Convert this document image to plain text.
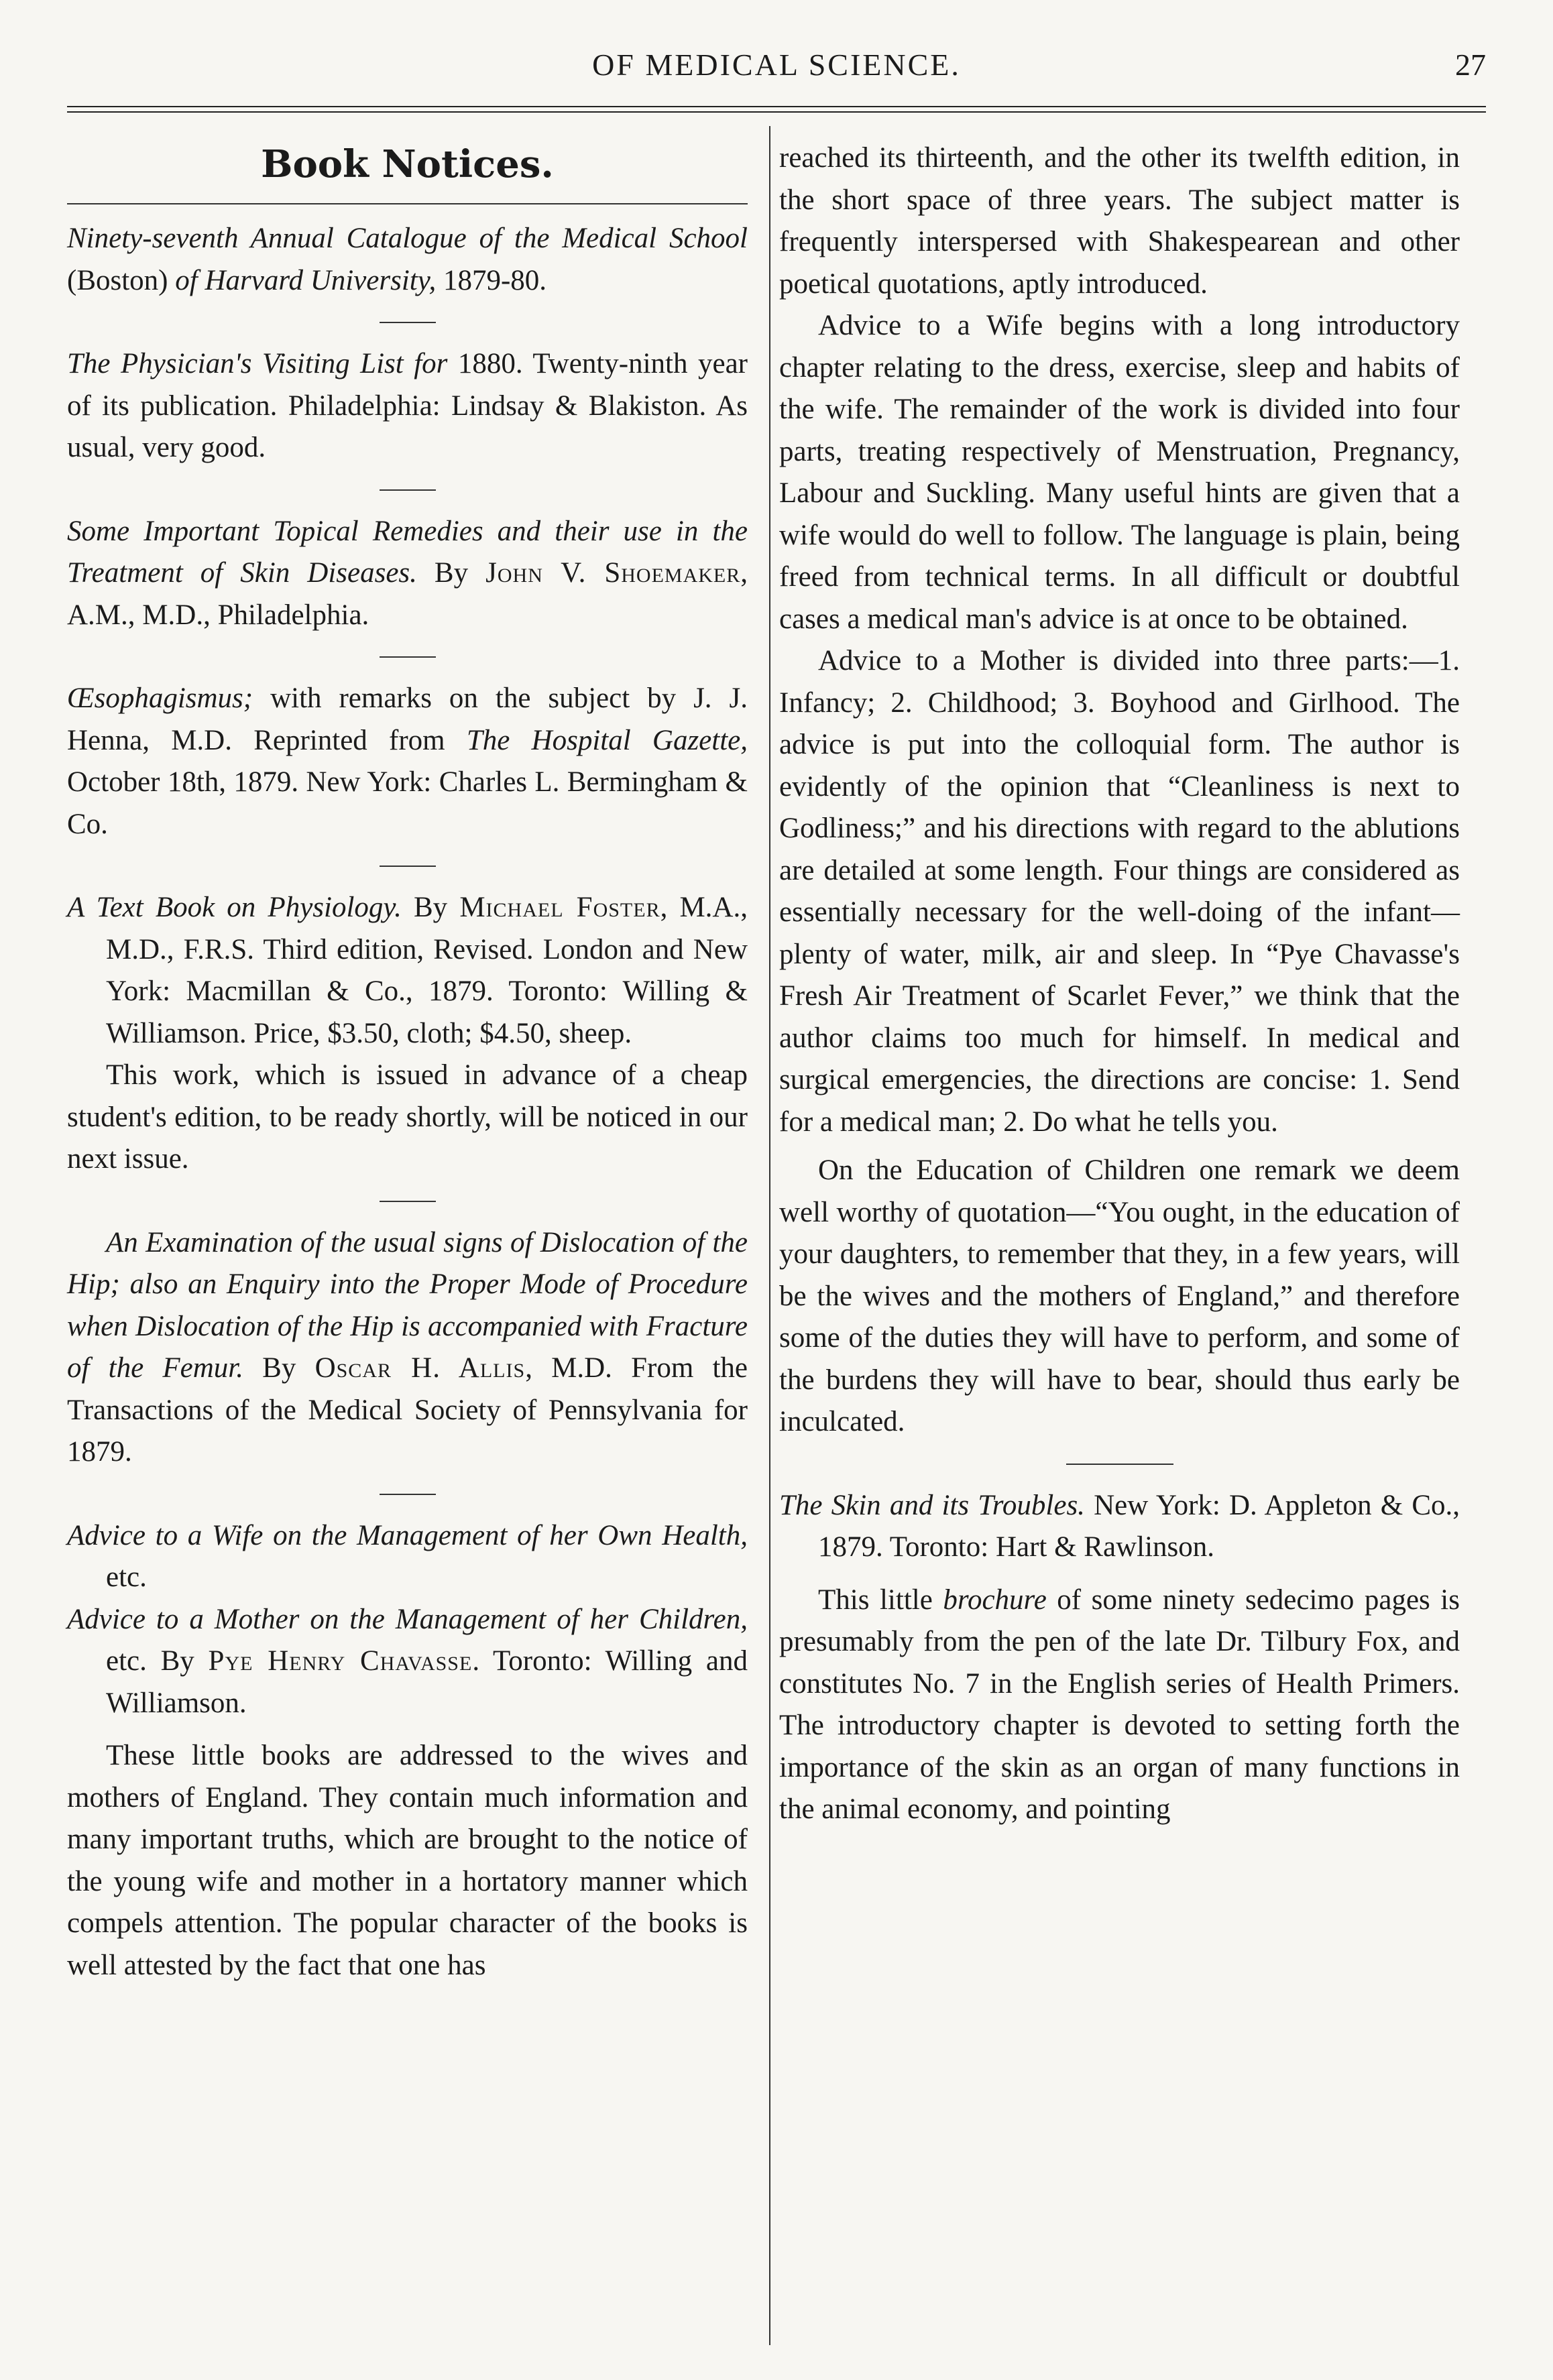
OF MEDICAL SCIENCE.	27
Book Notices.

Ninety-seventh Annual Catalogue of the Medical School (Boston) of Harvard University, 1879-80.

The Physician's Visiting List for 1880. Twenty-ninth year of its publication. Philadelphia: Lindsay & Blakiston. As usual, very good.

Some Important Topical Remedies and their use in the Treatment of Skin Diseases. By John V. Shoemaker, A.M., M.D., Philadelphia.

Œsophagismus; with remarks on the subject by J. J. Henna, M.D. Reprinted from The Hospital Gazette, October 18th, 1879. New York: Charles L. Bermingham & Co.

A Text Book on Physiology. By Michael Foster, M.A., M.D., F.R.S. Third edition, Revised. London and New York: Macmillan & Co., 1879. Toronto: Willing & Williamson. Price, $3.50, cloth; $4.50, sheep.

This work, which is issued in advance of a cheap student's edition, to be ready shortly, will be noticed in our next issue.

An Examination of the usual signs of Dislocation of the Hip; also an Enquiry into the Proper Mode of Procedure when Dislocation of the Hip is accompanied with Fracture of the Femur. By Oscar H. Allis, M.D. From the Transactions of the Medical Society of Pennsylvania for 1879.

Advice to a Wife on the Management of her Own Health, etc.

Advice to a Mother on the Management of her Children, etc. By Pye Henry Chavasse. Toronto: Willing and Williamson.

These little books are addressed to the wives and mothers of England. They contain much information and many important truths, which are brought to the notice of the young wife and mother in a hortatory manner which compels attention. The popular character of the books is well attested by the fact that one has

reached its thirteenth, and the other its twelfth edition, in the short space of three years. The subject matter is frequently interspersed with Shakespearean and other poetical quotations, aptly introduced.

Advice to a Wife begins with a long introductory chapter relating to the dress, exercise, sleep and habits of the wife. The remainder of the work is divided into four parts, treating respectively of Menstruation, Pregnancy, Labour and Suckling. Many useful hints are given that a wife would do well to follow. The language is plain, being freed from technical terms. In all difficult or doubtful cases a medical man's advice is at once to be obtained.

Advice to a Mother is divided into three parts:—1. Infancy; 2. Childhood; 3. Boyhood and Girlhood. The advice is put into the colloquial form. The author is evidently of the opinion that “Cleanliness is next to Godliness;” and his directions with regard to the ablutions are detailed at some length. Four things are considered as essentially necessary for the well-doing of the infant—plenty of water, milk, air and sleep. In “Pye Chavasse's Fresh Air Treatment of Scarlet Fever,” we think that the author claims too much for himself. In medical and surgical emergencies, the directions are concise: 1. Send for a medical man; 2. Do what he tells you.

On the Education of Children one remark we deem well worthy of quotation—“You ought, in the education of your daughters, to remember that they, in a few years, will be the wives and the mothers of England,” and therefore some of the duties they will have to perform, and some of the burdens they will have to bear, should thus early be inculcated.

The Skin and its Troubles. New York: D. Appleton & Co., 1879. Toronto: Hart & Rawlinson.

This little brochure of some ninety sedecimo pages is presumably from the pen of the late Dr. Tilbury Fox, and constitutes No. 7 in the English series of Health Primers. The introductory chapter is devoted to setting forth the importance of the skin as an organ of many functions in the animal economy, and pointing
